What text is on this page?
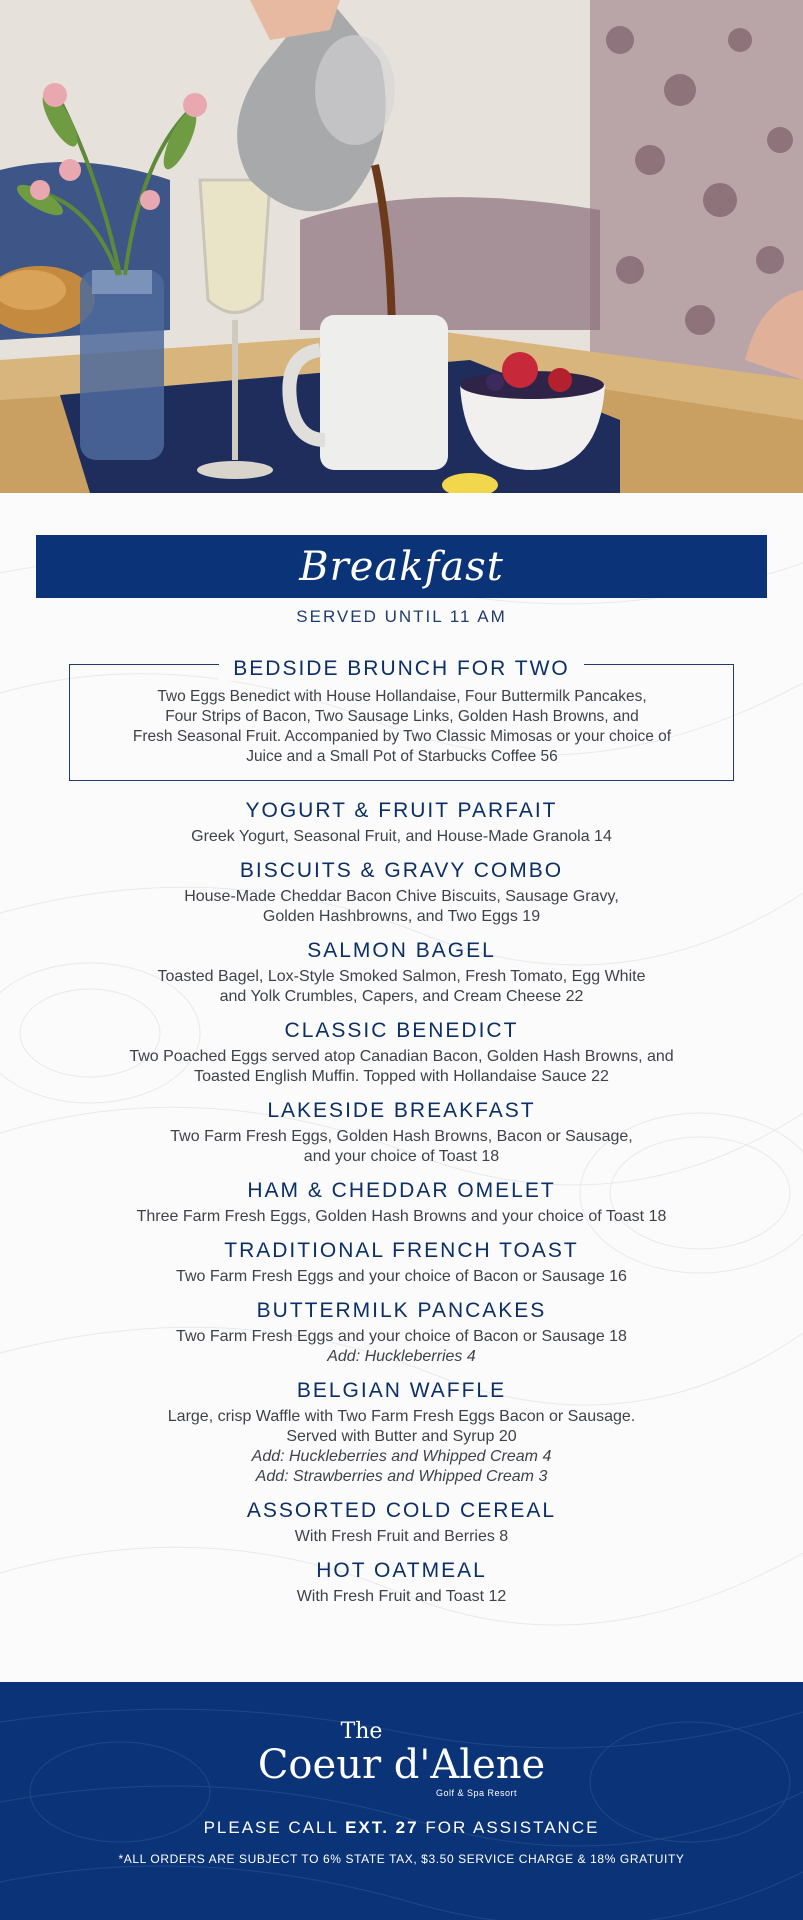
Breakfast
SERVED UNTIL 11 AM
BEDSIDE BRUNCH FOR TWO
Two Eggs Benedict with House Hollandaise, Four Buttermilk Pancakes,
Four Strips of Bacon, Two Sausage Links, Golden Hash Browns, and
Fresh Seasonal Fruit. Accompanied by Two Classic Mimosas or your choice of
Juice and a Small Pot of Starbucks Coffee 56
YOGURT & FRUIT PARFAIT
Greek Yogurt, Seasonal Fruit, and House-Made Granola 14
BISCUITS & GRAVY COMBO
House-Made Cheddar Bacon Chive Biscuits, Sausage Gravy,
Golden Hashbrowns, and Two Eggs 19
SALMON BAGEL
Toasted Bagel, Lox-Style Smoked Salmon, Fresh Tomato, Egg White
and Yolk Crumbles, Capers, and Cream Cheese 22
CLASSIC BENEDICT
Two Poached Eggs served atop Canadian Bacon, Golden Hash Browns, and
Toasted English Muffin. Topped with Hollandaise Sauce 22
LAKESIDE BREAKFAST
Two Farm Fresh Eggs, Golden Hash Browns, Bacon or Sausage,
and your choice of Toast 18
HAM & CHEDDAR OMELET
Three Farm Fresh Eggs, Golden Hash Browns and your choice of Toast 18
TRADITIONAL FRENCH TOAST
Two Farm Fresh Eggs and your choice of Bacon or Sausage 16
BUTTERMILK PANCAKES
Two Farm Fresh Eggs and your choice of Bacon or Sausage 18
Add: Huckleberries 4
BELGIAN WAFFLE
Large, crisp Waffle with Two Farm Fresh Eggs Bacon or Sausage.
Served with Butter and Syrup 20
Add: Huckleberries and Whipped Cream 4
Add: Strawberries and Whipped Cream 3
ASSORTED COLD CEREAL
With Fresh Fruit and Berries 8
HOT OATMEAL
With Fresh Fruit and Toast 12
The
Coeur d'Alene
Golf & Spa Resort
PLEASE CALL EXT. 27 FOR ASSISTANCE
*ALL ORDERS ARE SUBJECT TO 6% STATE TAX, $3.50 SERVICE CHARGE & 18% GRATUITY
